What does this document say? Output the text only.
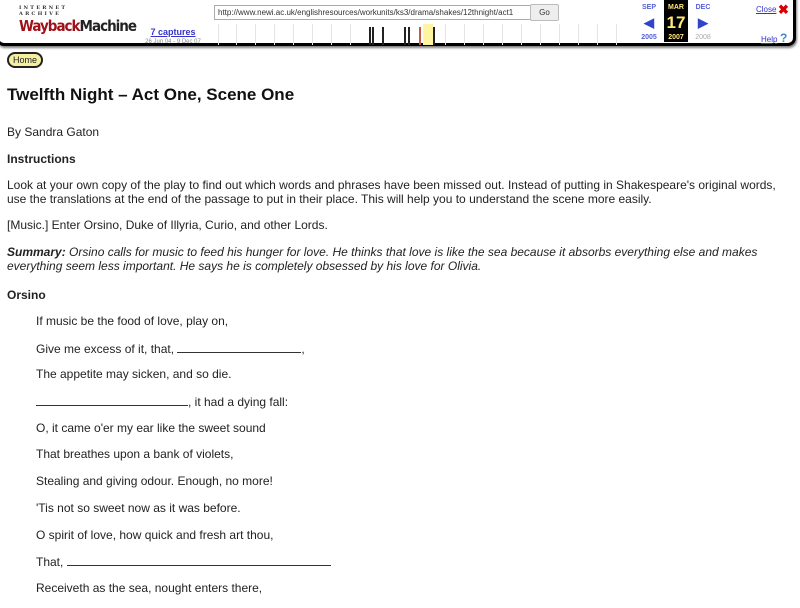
INTERNET ARCHIVE
WaybackMachine	7 captures
26 Jun 04 - 9 Dec 07
http://www.newi.ac.uk/englishresources/workunits/ks3/drama/shakes/12thnight/act1	Go
SEP
◀
2005
MAR
17
2007
DEC
▶
2008
Close ✖
Help ?
Home
Twelfth Night – Act One, Scene One
By Sandra Gaton
Instructions
Look at your own copy of the play to find out which words and phrases have been missed out. Instead of putting in Shakespeare's original words, use the translations at the end of the passage to put in their place. This will help you to understand the scene more easily.
[Music.] Enter Orsino, Duke of Illyria, Curio, and other Lords.
Summary: Orsino calls for music to feed his hunger for love. He thinks that love is like the sea because it absorbs everything else and makes everything seem less important. He says he is completely obsessed by his love for Olivia.
Orsino
If music be the food of love, play on,
Give me excess of it, that,	,
The appetite may sicken, and so die.
, it had a dying fall:
O, it came o'er my ear like the sweet sound
That breathes upon a bank of violets,
Stealing and giving odour. Enough, no more!
'Tis not so sweet now as it was before.
O spirit of love, how quick and fresh art thou,
That,
Receiveth as the sea, nought enters there,
